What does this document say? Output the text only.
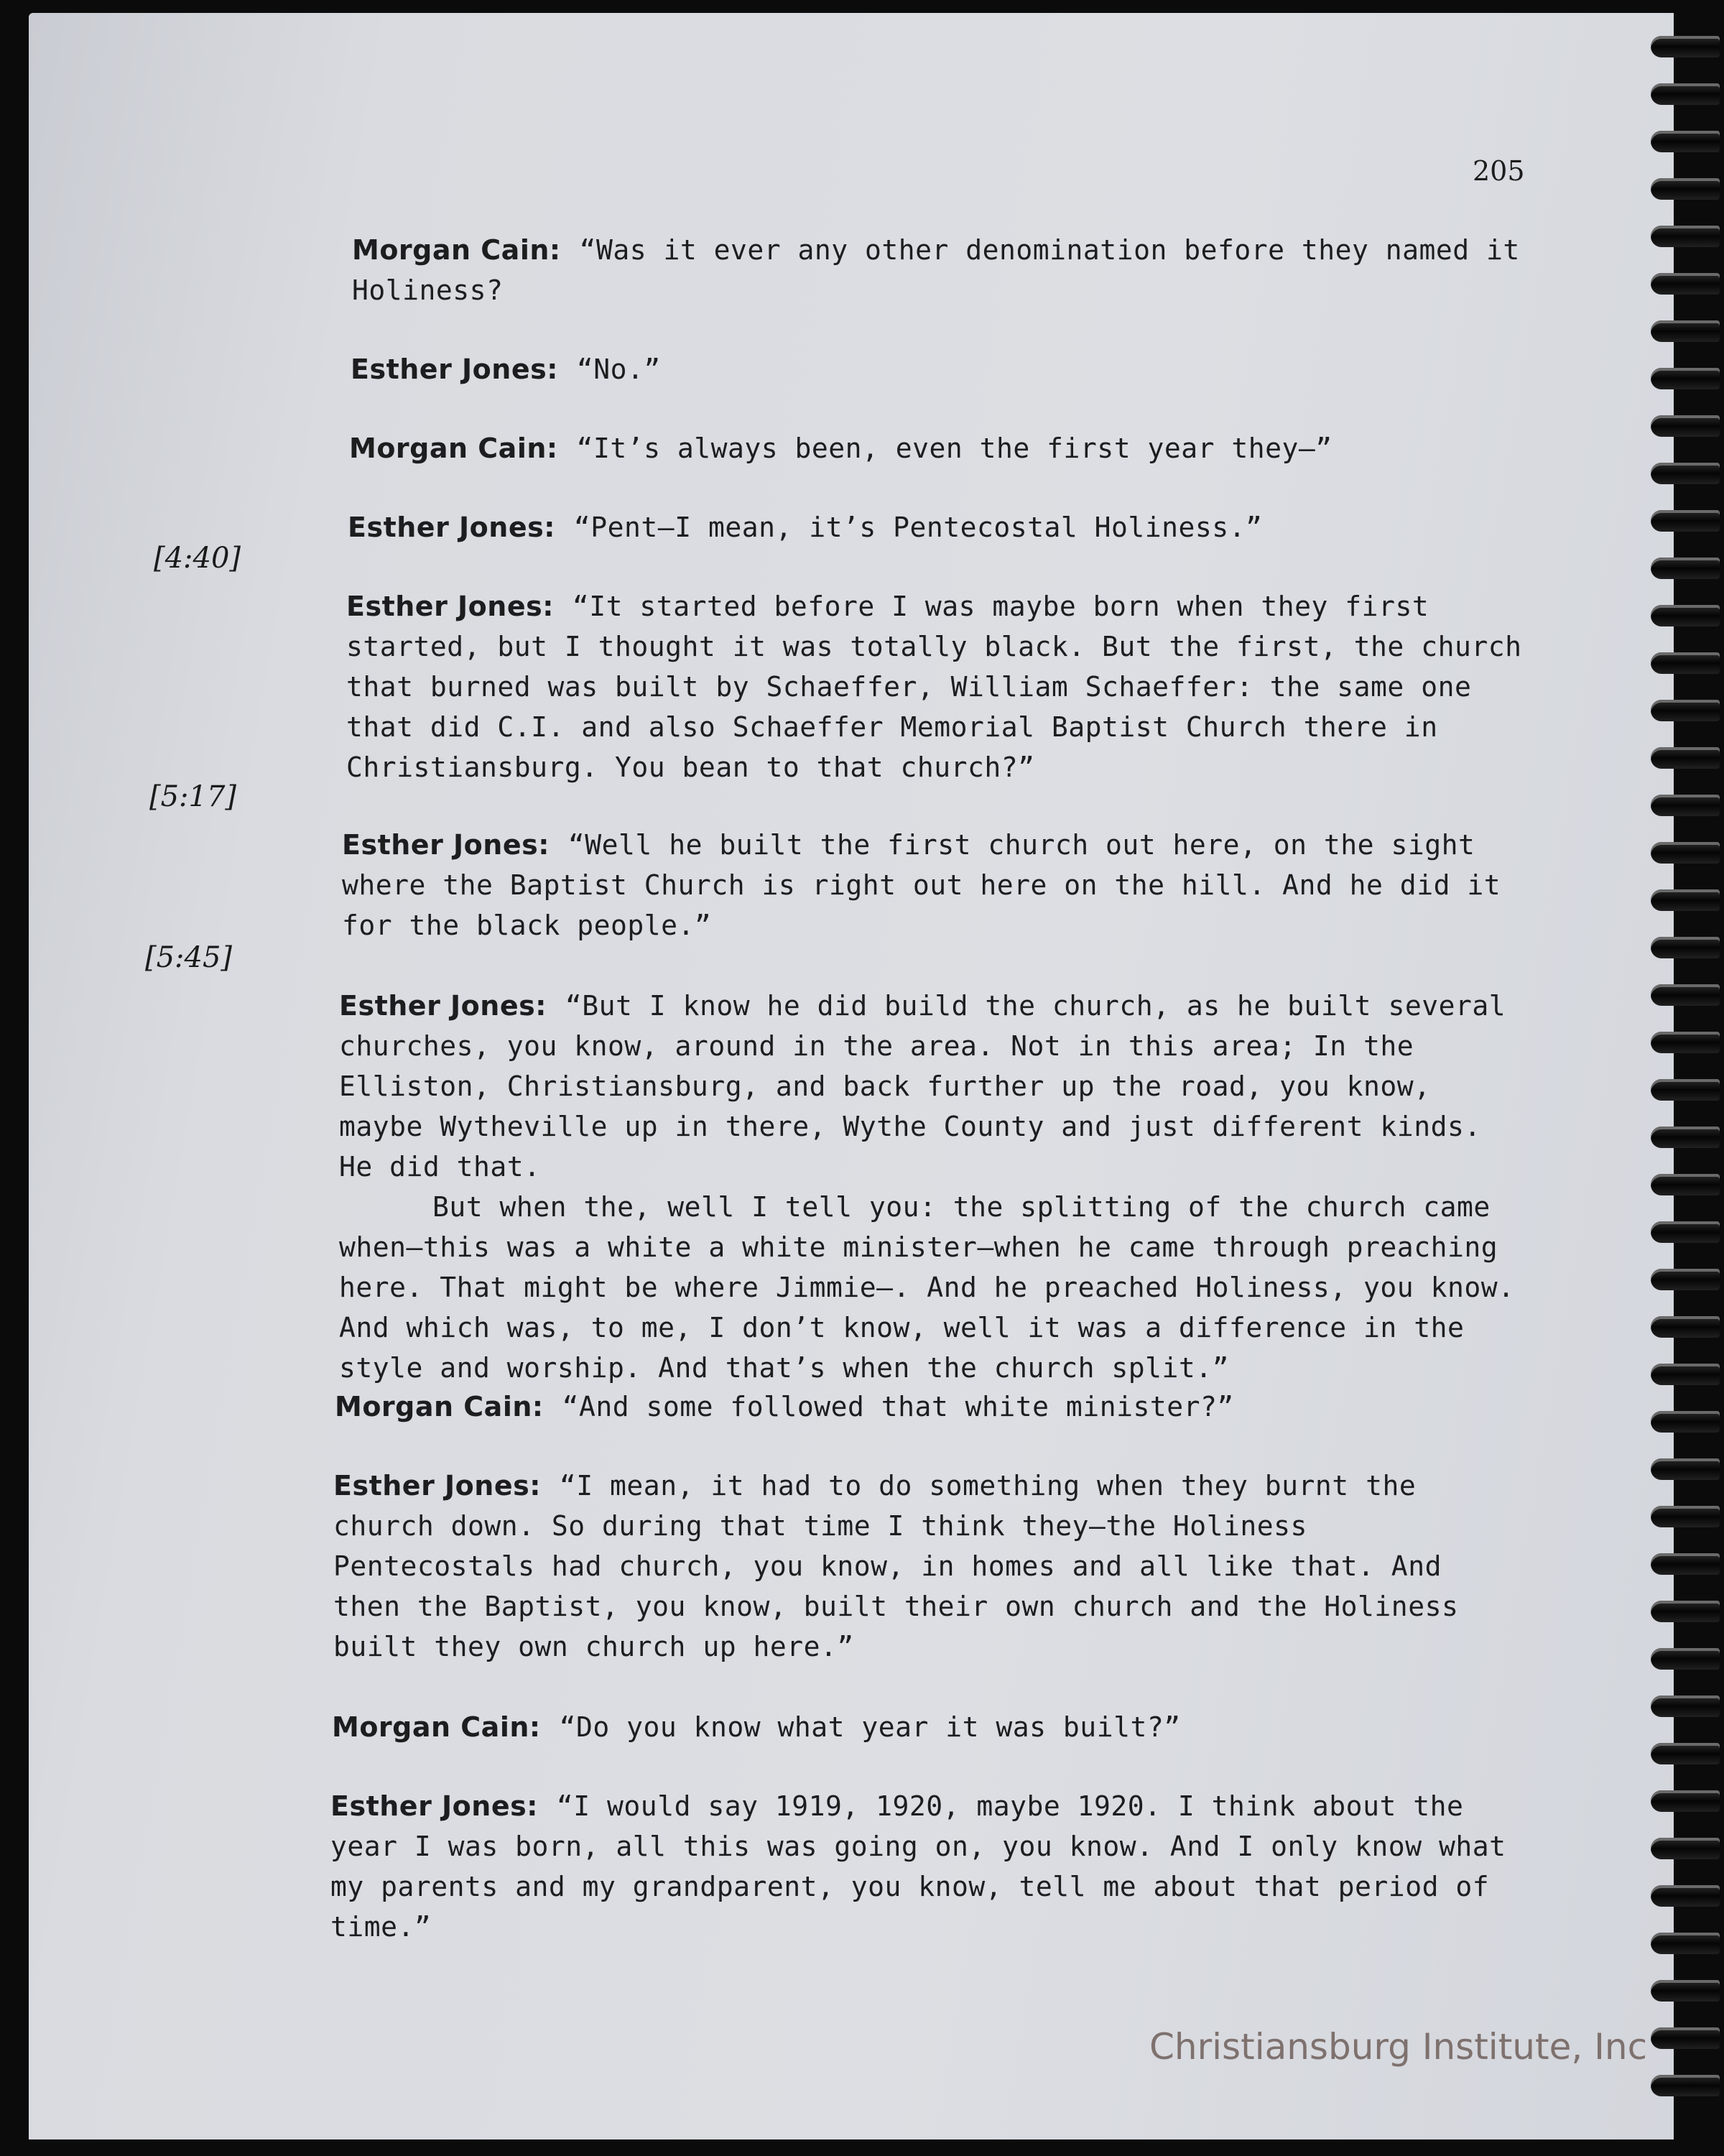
205
[4:40]
[5:17]
[5:45]

Morgan Cain: “Was it ever any other denomination before they named it Holiness?

Esther Jones: “No.”

Morgan Cain: “It’s always been, even the first year they—”

Esther Jones: “Pent—I mean, it’s Pentecostal Holiness.”

Esther Jones: “It started before I was maybe born when they first started, but I thought it was totally black. But the first, the church that burned was built by Schaeffer, William Schaeffer: the same one that did C.I. and also Schaeffer Memorial Baptist Church there in Christiansburg. You bean to that church?”

Esther Jones: “Well he built the first church out here, on the sight where the Baptist Church is right out here on the hill. And he did it for the black people.”

Esther Jones: “But I know he did build the church, as he built several churches, you know, around in the area. Not in this area; In the Elliston, Christiansburg, and back further up the road, you know, maybe Wytheville up in there, Wythe County and just different kinds. He did that.

But when the, well I tell you: the splitting of the church came when—this was a white a white minister—when he came through preaching here. That might be where Jimmie—. And he preached Holiness, you know. And which was, to me, I don’t know, well it was a difference in the style and worship. And that’s when the church split.”

Morgan Cain: “And some followed that white minister?”

Esther Jones: “I mean, it had to do something when they burnt the church down. So during that time I think they—the Holiness Pentecostals had church, you know, in homes and all like that. And then the Baptist, you know, built their own church and the Holiness built they own church up here.”

Morgan Cain: “Do you know what year it was built?”

Esther Jones: “I would say 1919, 1920, maybe 1920. I think about the year I was born, all this was going on, you know. And I only know what my parents and my grandparent, you know, tell me about that period of time.”

Christiansburg Institute, Inc
